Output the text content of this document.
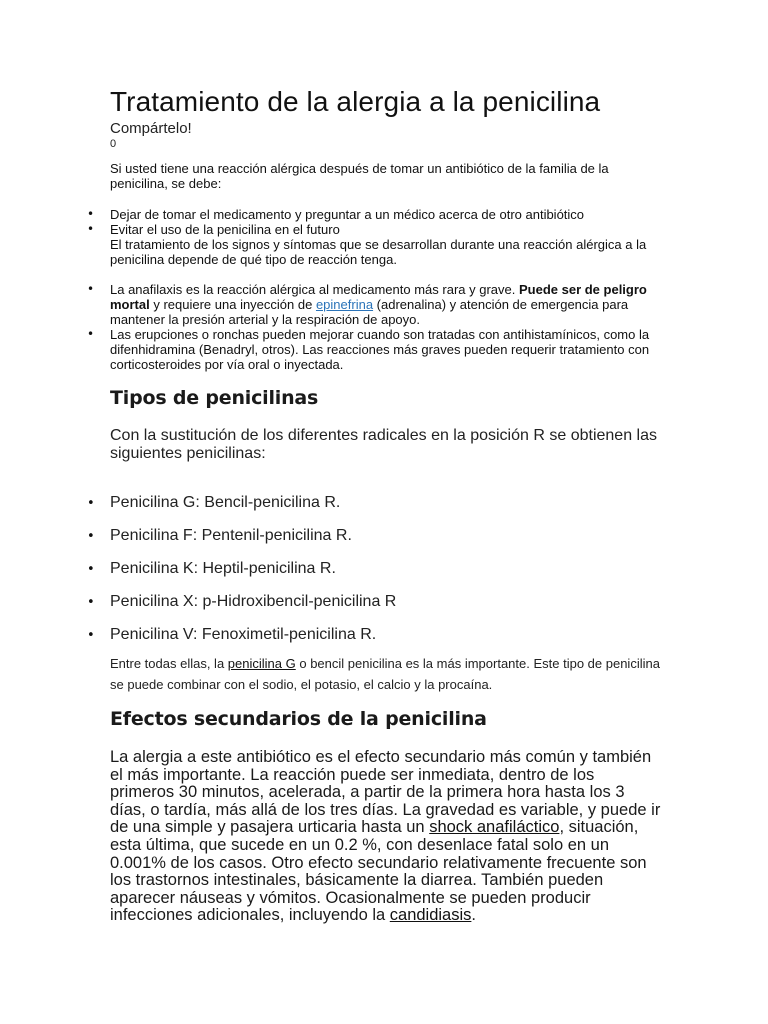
Tratamiento de la alergia a la penicilina
Compártelo!
0

Si usted tiene una reacción alérgica después de tomar un antibiótico de la familia de la penicilina, se debe:

• Dejar de tomar el medicamento y preguntar a un médico acerca de otro antibiótico
• Evitar el uso de la penicilina en el futuro
El tratamiento de los signos y síntomas que se desarrollan durante una reacción alérgica a la penicilina depende de qué tipo de reacción tenga.
• La anafilaxis es la reacción alérgica al medicamento más rara y grave. Puede ser de peligro mortal y requiere una inyección de epinefrina (adrenalina) y atención de emergencia para mantener la presión arterial y la respiración de apoyo.
• Las erupciones o ronchas pueden mejorar cuando son tratadas con antihistamínicos, como la difenhidramina (Benadryl, otros). Las reacciones más graves pueden requerir tratamiento con corticosteroides por vía oral o inyectada.
Tipos de penicilinas

Con la sustitución de los diferentes radicales en la posición R se obtienen las siguientes penicilinas:

• Penicilina G: Bencil-penicilina R.
• Penicilina F: Pentenil-penicilina R.
• Penicilina K: Heptil-penicilina R.
• Penicilina X: p-Hidroxibencil-penicilina R
• Penicilina V: Fenoximetil-penicilina R.

Entre todas ellas, la penicilina G o bencil penicilina es la más importante. Este tipo de penicilina se puede combinar con el sodio, el potasio, el calcio y la procaína.

Efectos secundarios de la penicilina

La alergia a este antibiótico es el efecto secundario más común y también el más importante. La reacción puede ser inmediata, dentro de los primeros 30 minutos, acelerada, a partir de la primera hora hasta los 3 días, o tardía, más allá de los tres días. La gravedad es variable, y puede ir de una simple y pasajera urticaria hasta un shock anafiláctico, situación, esta última, que sucede en un 0.2 %, con desenlace fatal solo en un 0.001% de los casos. Otro efecto secundario relativamente frecuente son los trastornos intestinales, básicamente la diarrea. También pueden aparecer náuseas y vómitos. Ocasionalmente se pueden producir infecciones adicionales, incluyendo la candidiasis.
